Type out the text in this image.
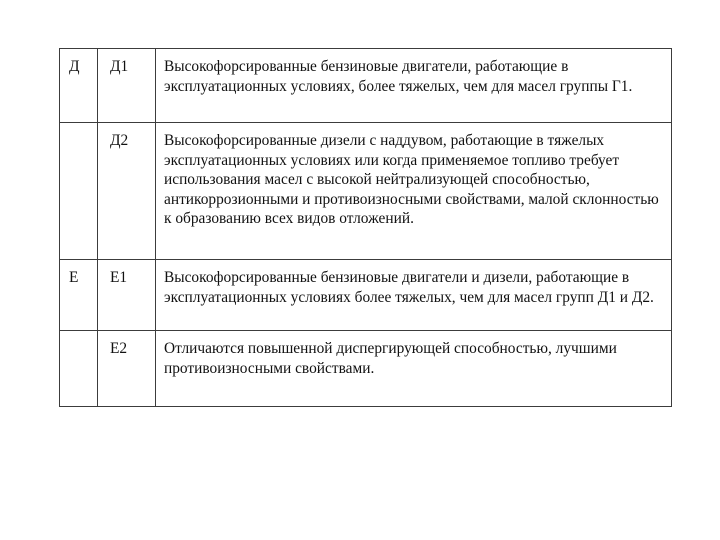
Д	Д1	Высокофорсированные бензиновые двигатели, работающие в эксплуатационных условиях, более тяжелых, чем для масел группы Г1.

	Д2	Высокофорсированные дизели с наддувом, работающие в тяжелых эксплуатационных условиях или когда применяемое топливо требует использования масел с высокой нейтрализующей способностью, антикоррозионными и противоизносными свойствами, малой склонностью к образованию всех видов отложений.

Е	Е1	Высокофорсированные бензиновые двигатели и дизели, работающие в эксплуатационных условиях более тяжелых, чем для масел групп Д1 и Д2.

	Е2	Отличаются повышенной диспергирующей способностью, лучшими противоизносными свойствами.
